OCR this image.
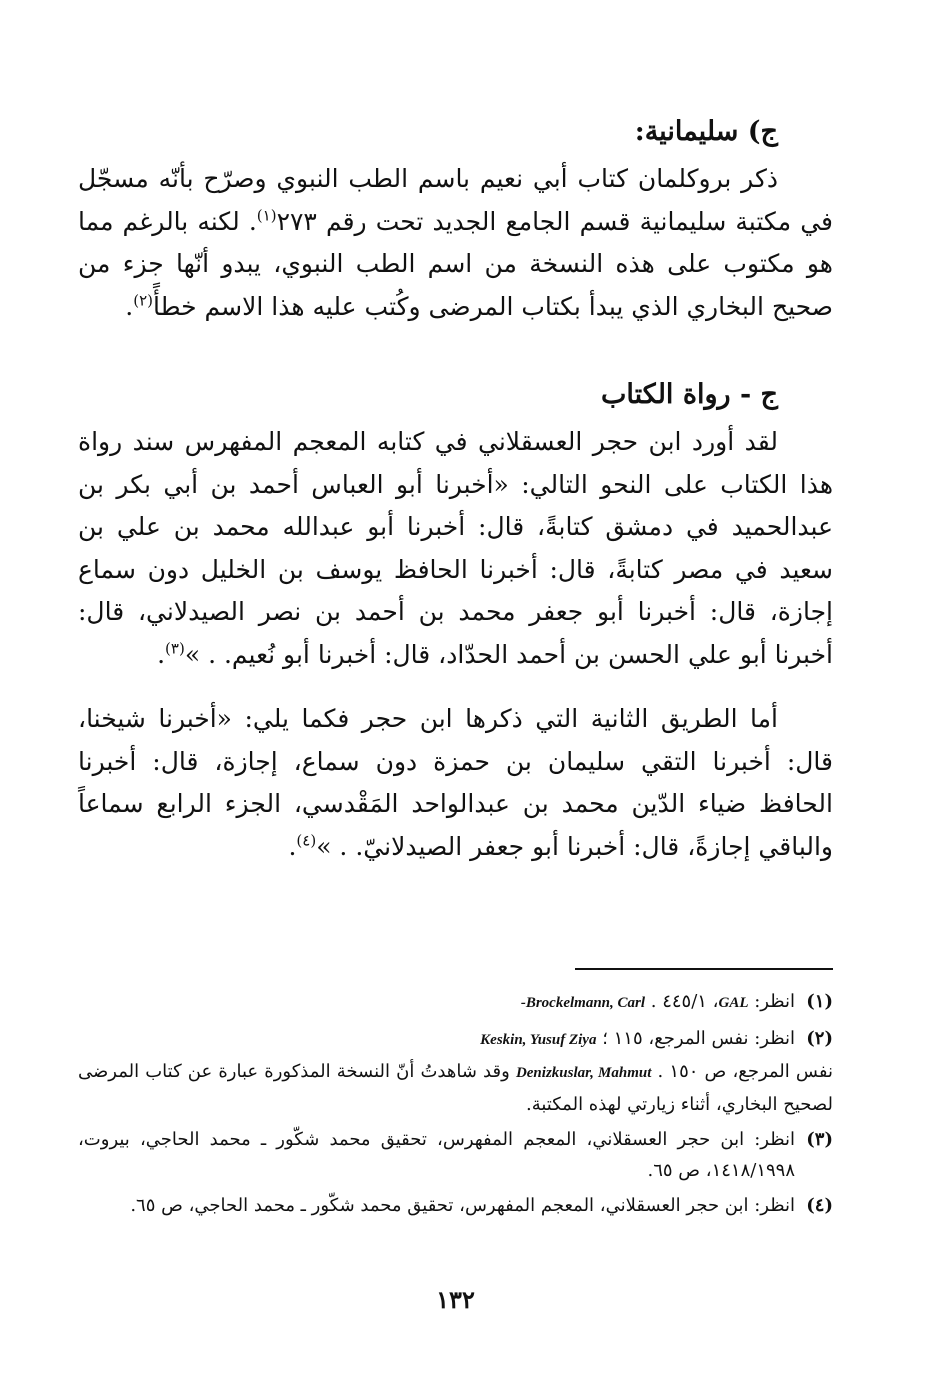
ج) سليمانية:

ذكر بروكلمان كتاب أبي نعيم باسم الطب النبوي وصرّح بأنّه مسجّل في مكتبة سليمانية قسم الجامع الجديد تحت رقم ٢٧٣$^{(١)}$. لكنه بالرغم مما هو مكتوب على هذه النسخة من اسم الطب النبوي، يبدو أنّها جزء من صحيح البخاري الذي يبدأ بكتاب المرضى وكُتب عليه هذا الاسم خطأً$^{(٢)}$.

ج - رواة الكتاب

لقد أورد ابن حجر العسقلاني في كتابه المعجم المفهرس سند رواة هذا الكتاب على النحو التالي: «أخبرنا أبو العباس أحمد بن أبي بكر بن عبدالحميد في دمشق كتابةً، قال: أخبرنا أبو عبدالله محمد بن علي بن سعيد في مصر كتابةً، قال: أخبرنا الحافظ يوسف بن الخليل دون سماع إجازة، قال: أخبرنا أبو جعفر محمد بن أحمد بن نصر الصيدلاني، قال: أخبرنا أبو علي الحسن بن أحمد الحدّاد، قال: أخبرنا أبو نُعيم. . »$^{(٣)}$.

أما الطريق الثانية التي ذكرها ابن حجر فكما يلي: «أخبرنا شيخنا، قال: أخبرنا التقي سليمان بن حمزة دون سماع، إجازة، قال: أخبرنا الحافظ ضياء الدّين محمد بن عبدالواحد المَقْدسي، الجزء الرابع سماعاً والباقي إجازةً، قال: أخبرنا أبو جعفر الصيدلانيّ. . »$^{(٤)}$.

(١)
انظر: GAL، ٤٤٥/١ . -Brockelmann, Carl
(٢)
انظر: نفس المرجع، ١١٥ ؛ Keskin, Yusuf Ziya
نفس المرجع، ص ١٥٠ . Denizkuslar, Mahmut وقد شاهدتُ أنّ النسخة المذكورة عبارة عن كتاب المرضى لصحيح البخاري، أثناء زيارتي لهذه المكتبة.
(٣)
انظر: ابن حجر العسقلاني، المعجم المفهرس، تحقيق محمد شكّور ـ محمد الحاجي، بيروت، ١٤١٨/١٩٩٨، ص ٦٥.
(٤)
انظر: ابن حجر العسقلاني، المعجم المفهرس، تحقيق محمد شكّور ـ محمد الحاجي، ص ٦٥.
١٣٢
